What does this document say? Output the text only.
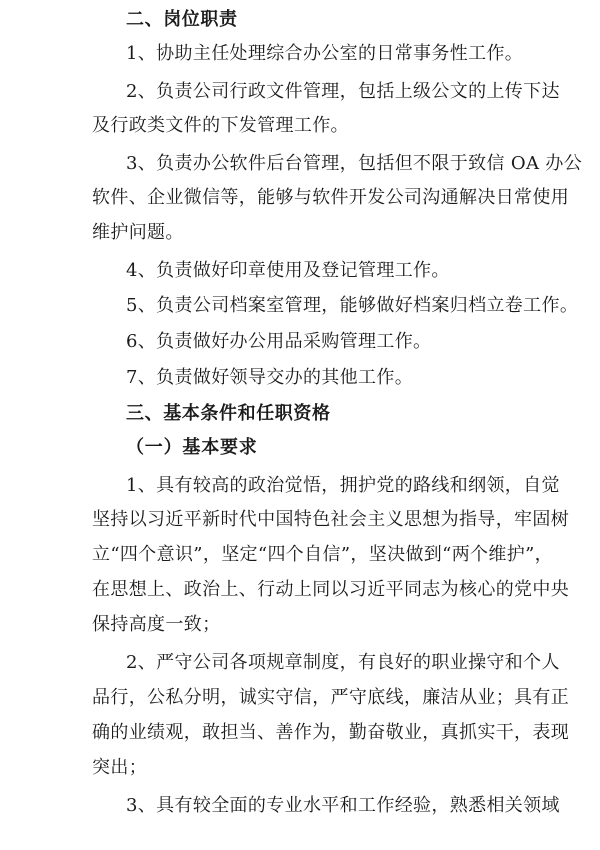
二、岗位职责
1、协助主任处理综合办公室的日常事务性工作。
2、负责公司行政文件管理，包括上级公文的上传下达
及行政类文件的下发管理工作。
3、负责办公软件后台管理，包括但不限于致信 OA 办公
软件、企业微信等，能够与软件开发公司沟通解决日常使用
维护问题。
4、负责做好印章使用及登记管理工作。
5、负责公司档案室管理，能够做好档案归档立卷工作。
6、负责做好办公用品采购管理工作。
7、负责做好领导交办的其他工作。
三、基本条件和任职资格
（一）基本要求
1、具有较高的政治觉悟，拥护党的路线和纲领，自觉
坚持以习近平新时代中国特色社会主义思想为指导，牢固树
立“四个意识”，坚定“四个自信”，坚决做到“两个维护”，
在思想上、政治上、行动上同以习近平同志为核心的党中央
保持高度一致；
2、严守公司各项规章制度，有良好的职业操守和个人
品行，公私分明，诚实守信，严守底线，廉洁从业；具有正
确的业绩观，敢担当、善作为，勤奋敬业，真抓实干，表现
突出；
3、具有较全面的专业水平和工作经验，熟悉相关领域
